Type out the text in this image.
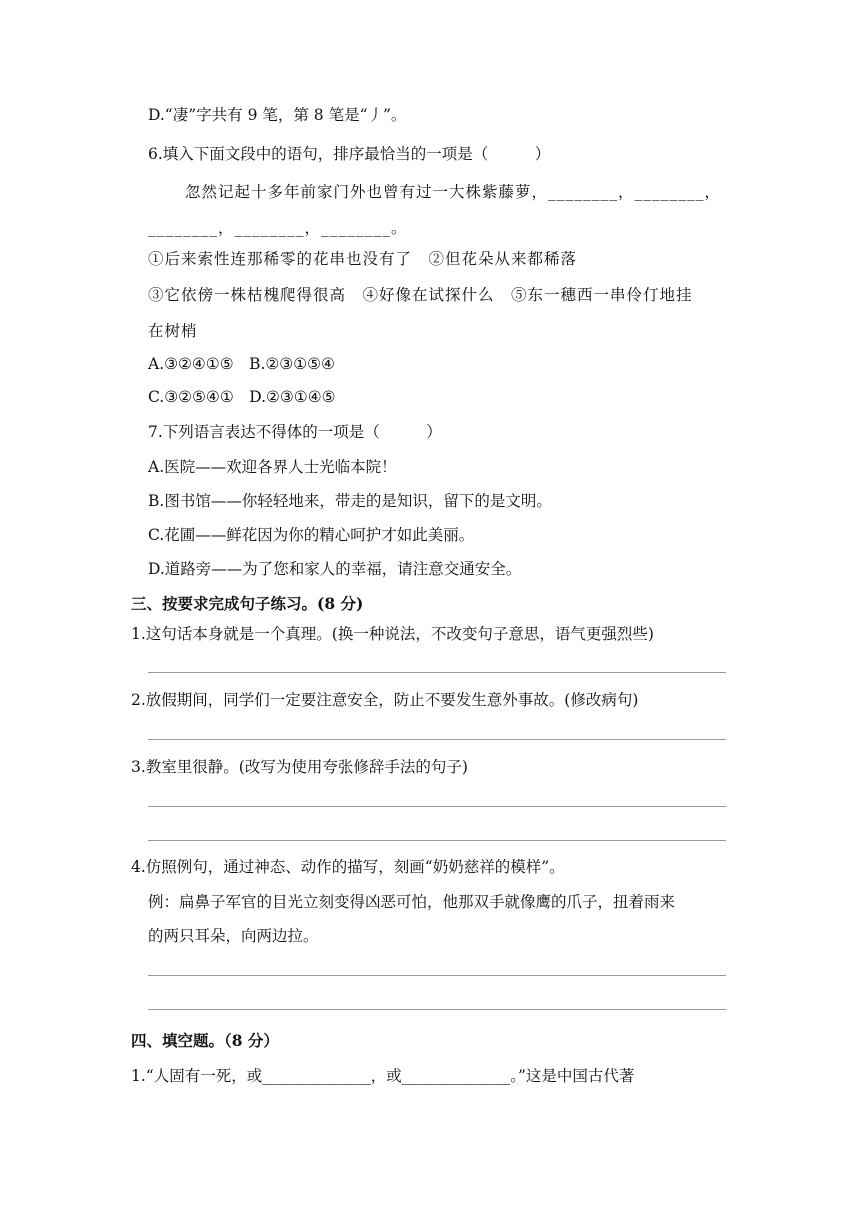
D.“凄”字共有 9 笔，第 8 笔是“丿”。
6.填入下面文段中的语句，排序最恰当的一项是（　　　）
忽然记起十多年前家门外也曾有过一大株紫藤萝，________，________，
________，________，________。
①后来索性连那稀零的花串也没有了　②但花朵从来都稀落
③它依傍一株枯槐爬得很高　④好像在试探什么　⑤东一穗西一串伶仃地挂
在树梢
A.③②④①⑤　B.②③①⑤④
C.③②⑤④①　D.②③①④⑤
7.下列语言表达不得体的一项是（　　　）
A.医院——欢迎各界人士光临本院！
B.图书馆——你轻轻地来，带走的是知识，留下的是文明。
C.花圃——鲜花因为你的精心呵护才如此美丽。
D.道路旁——为了您和家人的幸福，请注意交通安全。
三、按要求完成句子练习。(8 分)
1.这句话本身就是一个真理。(换一种说法，不改变句子意思，语气更强烈些)
2.放假期间，同学们一定要注意安全，防止不要发生意外事故。(修改病句)
3.教室里很静。(改写为使用夸张修辞手法的句子)
4.仿照例句，通过神态、动作的描写，刻画“奶奶慈祥的模样”。
例：扁鼻子军官的目光立刻变得凶恶可怕，他那双手就像鹰的爪子，扭着雨来
的两只耳朵，向两边拉。
四、填空题。（8 分）
1.“人固有一死，或______________，或______________。”这是中国古代著
